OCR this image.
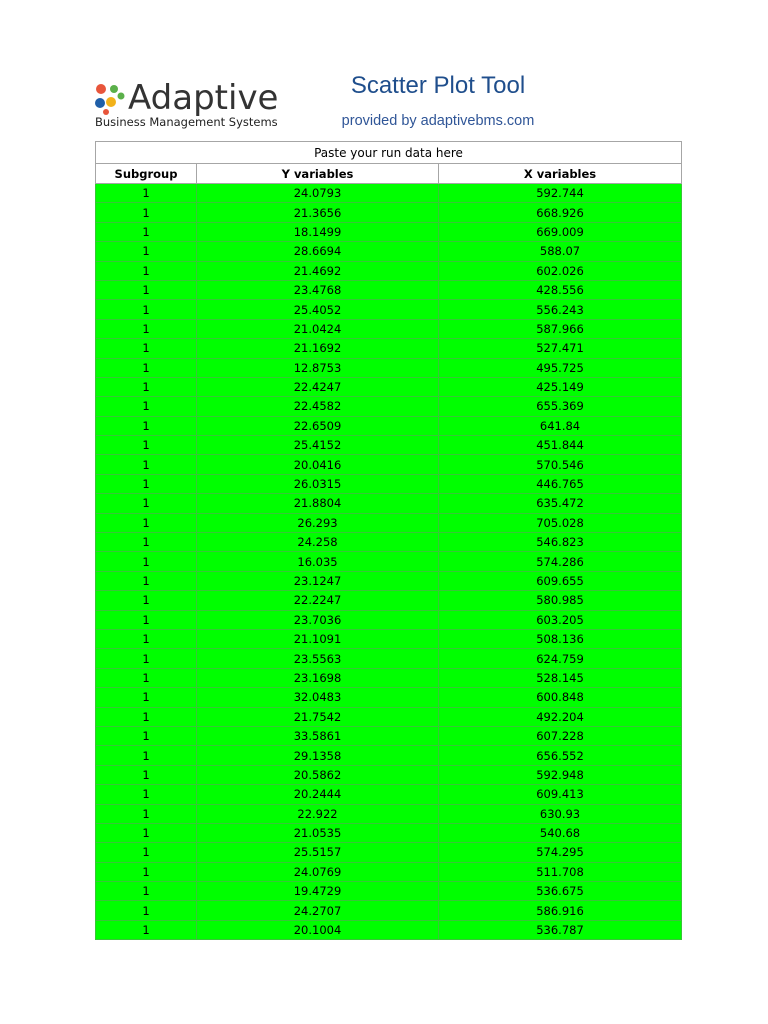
Adaptive
Business Management Systems
Scatter Plot Tool
provided by adaptivebms.com
Paste your run data here		
Subgroup	Y variables	X variables
1	24.0793	592.744
1	21.3656	668.926
1	18.1499	669.009
1	28.6694	588.07
1	21.4692	602.026
1	23.4768	428.556
1	25.4052	556.243
1	21.0424	587.966
1	21.1692	527.471
1	12.8753	495.725
1	22.4247	425.149
1	22.4582	655.369
1	22.6509	641.84
1	25.4152	451.844
1	20.0416	570.546
1	26.0315	446.765
1	21.8804	635.472
1	26.293	705.028
1	24.258	546.823
1	16.035	574.286
1	23.1247	609.655
1	22.2247	580.985
1	23.7036	603.205
1	21.1091	508.136
1	23.5563	624.759
1	23.1698	528.145
1	32.0483	600.848
1	21.7542	492.204
1	33.5861	607.228
1	29.1358	656.552
1	20.5862	592.948
1	20.2444	609.413
1	22.922	630.93
1	21.0535	540.68
1	25.5157	574.295
1	24.0769	511.708
1	19.4729	536.675
1	24.2707	586.916
1	20.1004	536.787
